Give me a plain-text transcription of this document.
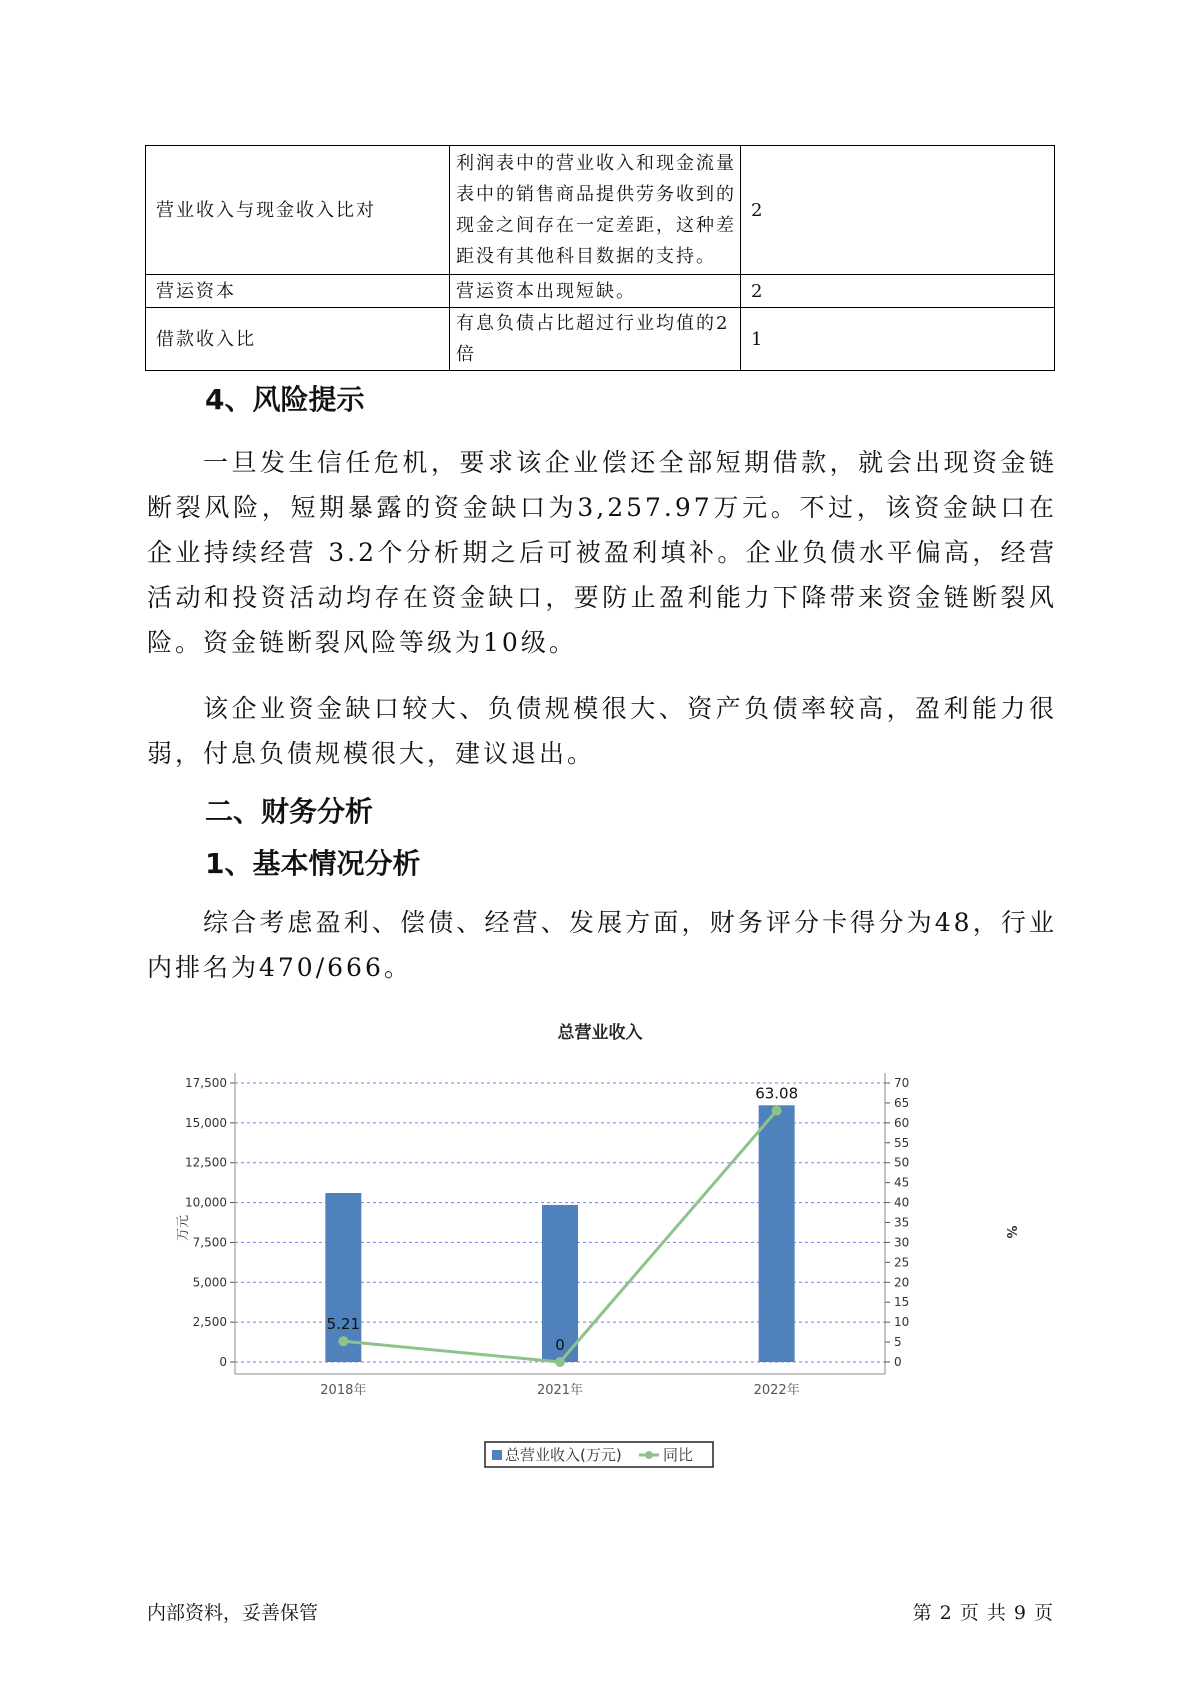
营业收入与现金收入比对	利润表中的营业收入和现金流量表中的销售商品提供劳务收到的现金之间存在一定差距，这种差距没有其他科目数据的支持。	2
营运资本	营运资本出现短缺。	2
借款收入比	有息负债占比超过行业均值的2倍	1
4、风险提示

一旦发生信任危机，要求该企业偿还全部短期借款，就会出现资金链断裂风险，短期暴露的资金缺口为3,257.97万元。不过，该资金缺口在企业持续经营 3.2个分析期之后可被盈利填补。企业负债水平偏高，经营活动和投资活动均存在资金缺口，要防止盈利能力下降带来资金链断裂风险。资金链断裂风险等级为10级。

该企业资金缺口较大、负债规模很大、资产负债率较高，盈利能力很弱，付息负债规模很大，建议退出。

二、财务分析
1、基本情况分析

综合考虑盈利、偿债、经营、发展方面，财务评分卡得分为48，行业内排名为470/666。

总营业收入
万元	%
0
2,500
5,000
7,500
10,000
12,500
15,000
17,500
0
5
10
15
20
25
30
35
40
45
50
55
60
65
70
2018年	2021年	2022年
5.21
0
63.08
总营业收入(万元)	同比
内部资料，妥善保管	第 2 页 共 9 页
